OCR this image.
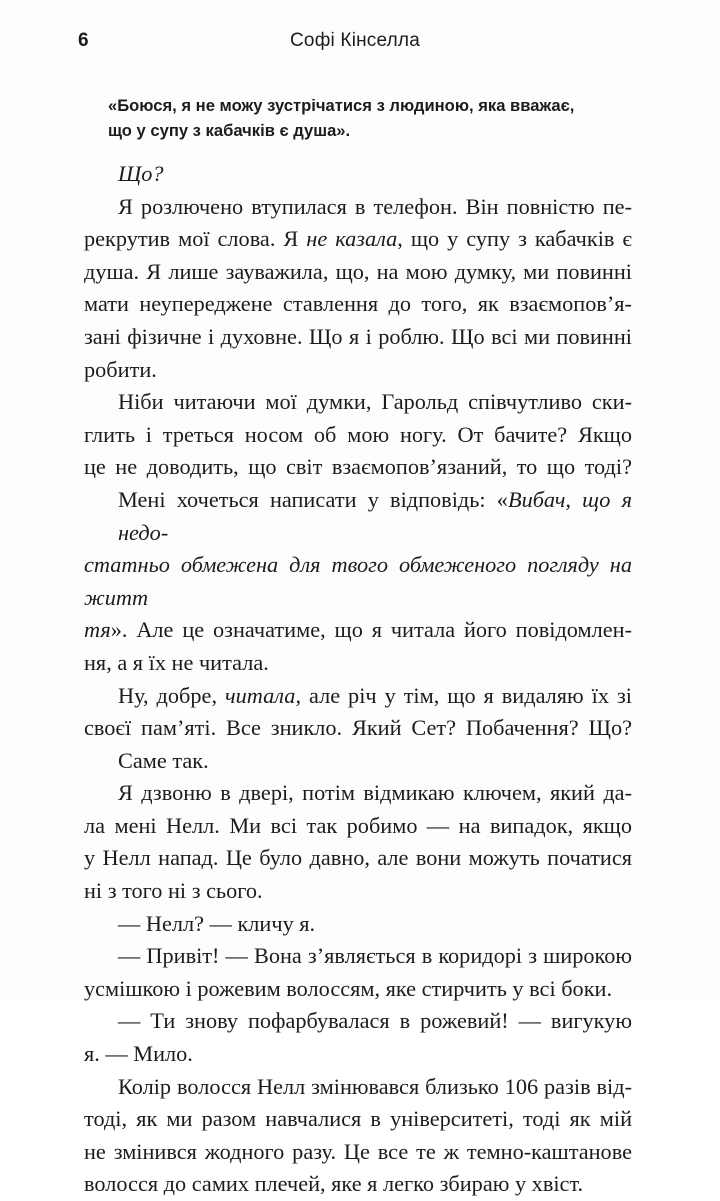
6	Софі Кінселла
«Боюся, я не можу зустрічатися з людиною, яка вважає,
що у супу з кабачків є душа».

Що?

Я розлючено втупилася в телефон. Він повністю пе-
рекрутив мої слова. Я не казала, що у супу з кабачків є
душа. Я лише зауважила, що, на мою думку, ми повинні
мати неупереджене ставлення до того, як взаємопов’я-
зані фізичне і духовне. Що я і роблю. Що всі ми повинні
робити.

Ніби читаючи мої думки, Гарольд співчутливо ски-
глить і треться носом об мою ногу. От бачите? Якщо
це не доводить, що світ взаємопов’язаний, то що тоді?

Мені хочеться написати у відповідь: «Вибач, що я недо-
статньо обмежена для твого обмеженого погляду на житт
тя». Але це означатиме, що я читала його повідомлен-
ня, а я їх не читала.

Ну, добре, читала, але річ у тім, що я видаляю їх зі
своєї пам’яті. Все зникло. Який Сет? Побачення? Що?

Саме так.

Я дзвоню в двері, потім відмикаю ключем, який да-
ла мені Нелл. Ми всі так робимо — на випадок, якщо
у Нелл напад. Це було давно, але вони можуть початися
ні з того ні з сього.

— Нелл? — кличу я.

— Привіт! — Вона з’являється в коридорі з широкою
усмішкою і рожевим волоссям, яке стирчить у всі боки.

— Ти знову пофарбувалася в рожевий! — вигукую
я. — Мило.

Колір волосся Нелл змінювався близько 106 разів від-
тоді, як ми разом навчалися в університеті, тоді як мій
не змінився жодного разу. Це все те ж темно-каштанове
волосся до самих плечей, яке я легко збираю у хвіст.
